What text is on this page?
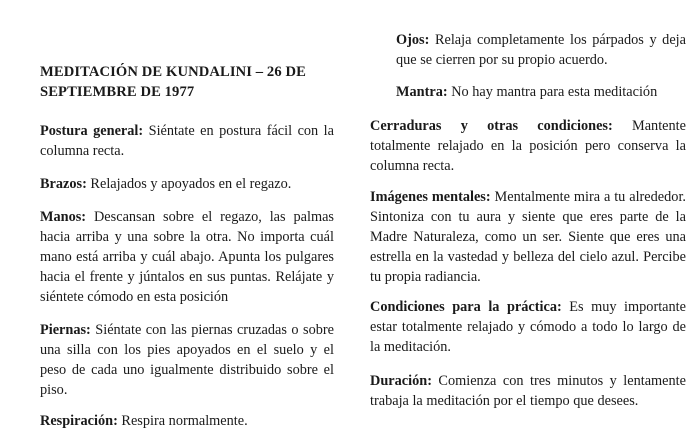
MEDITACIÓN DE KUNDALINI – 26 DE SEPTIEMBRE DE 1977
Postura general: Siéntate en postura fácil con la columna recta.
Brazos: Relajados y apoyados en el regazo.
Manos: Descansan sobre el regazo, las palmas hacia arriba y una sobre la otra. No importa cuál mano está arriba y cuál abajo. Apunta los pulgares hacia el frente y júntalos en sus puntas. Relájate y siéntete cómodo en esta posición
Piernas: Siéntate con las piernas cruzadas o sobre una silla con los pies apoyados en el suelo y el peso de cada uno igualmente distribuido sobre el piso.
Respiración: Respira normalmente.
Ojos: Relaja completamente los párpados y deja que se cierren por su propio acuerdo.
Mantra: No hay mantra para esta meditación
Cerraduras y otras condiciones: Mantente totalmente relajado en la posición pero conserva la columna recta.
Imágenes mentales: Mentalmente mira a tu alrededor. Sintoniza con tu aura y siente que eres parte de la Madre Naturaleza, como un ser. Siente que eres una estrella en la vastedad y belleza del cielo azul. Percibe tu propia radiancia.
Condiciones para la práctica: Es muy importante estar totalmente relajado y cómodo a todo lo largo de la meditación.
Duración: Comienza con tres minutos y lentamente trabaja la meditación por el tiempo que desees.
